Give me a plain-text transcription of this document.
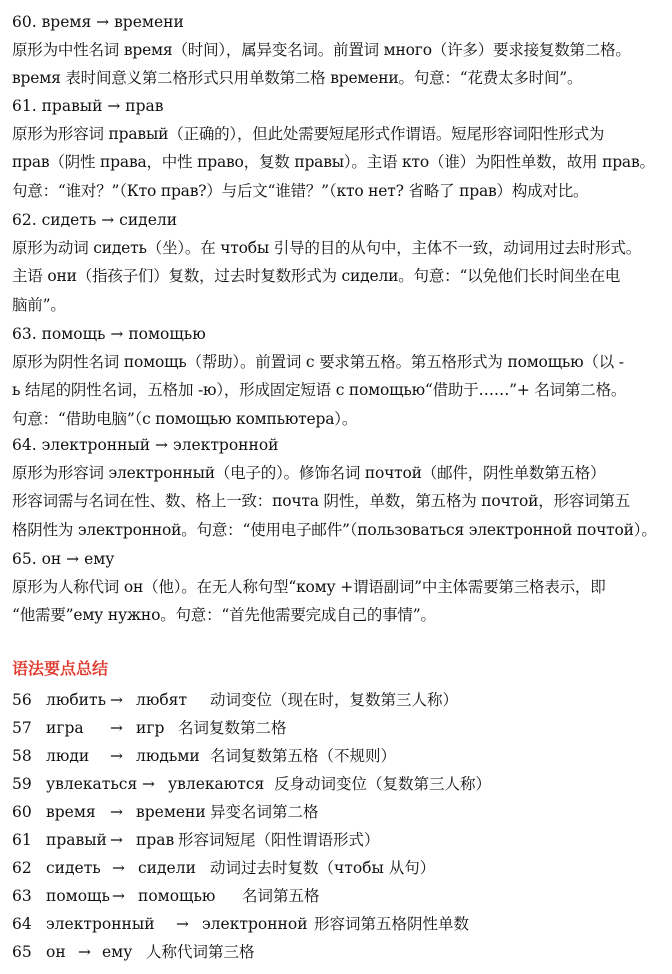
60. время → времени
原形为中性名词 время（时间），属异变名词。前置词 много（许多）要求接复数第二格。
время 表时间意义第二格形式只用单数第二格 времени。句意：“花费太多时间”。
61. правый → прав
原形为形容词 правый（正确的），但此处需要短尾形式作谓语。短尾形容词阳性形式为
прав（阴性 права，中性 право，复数 правы）。主语 кто（谁）为阳性单数，故用 прав。
句意：“谁对？”（Кто прав?）与后文“谁错？”（кто нет? 省略了 прав）构成对比。
62. сидеть → сидели
原形为动词 сидеть（坐）。在 чтобы 引导的目的从句中，主体不一致，动词用过去时形式。
主语 они（指孩子们）复数，过去时复数形式为 сидели。句意：“以免他们长时间坐在电
脑前”。
63. помощь → помощью
原形为阴性名词 помощь（帮助）。前置词 с 要求第五格。第五格形式为 помощью（以 -
ь 结尾的阴性名词，五格加 -ю），形成固定短语 с помощью“借助于……”+ 名词第二格。
句意：“借助电脑”（с помощью компьютера）。
64. электронный → электронной
原形为形容词 электронный（电子的）。修饰名词 почтой（邮件，阴性单数第五格）
形容词需与名词在性、数、格上一致：почта 阴性，单数，第五格为 почтой，形容词第五
格阴性为 электронной。句意：“使用电子邮件”（пользоваться электронной почтой）。
65. он → ему
原形为人称代词 он（他）。在无人称句型“кому +谓语副词”中主体需要第三格表示，即
“他需要”ему нужно。句意：“首先他需要完成自己的事情”。
语法要点总结
56 любить → любят 动词变位（现在时，复数第三人称）
57 игра → игр 名词复数第二格
58 люди → людьми 名词复数第五格（不规则）
59 увлекаться → увлекаются 反身动词变位（复数第三人称）
60 время → времени 异变名词第二格
61 правый → прав 形容词短尾（阳性谓语形式）
62 сидеть → сидели 动词过去时复数（чтобы 从句）
63 помощь → помощью 名词第五格
64 электронный → электронной 形容词第五格阴性单数
65 он → ему 人称代词第三格
